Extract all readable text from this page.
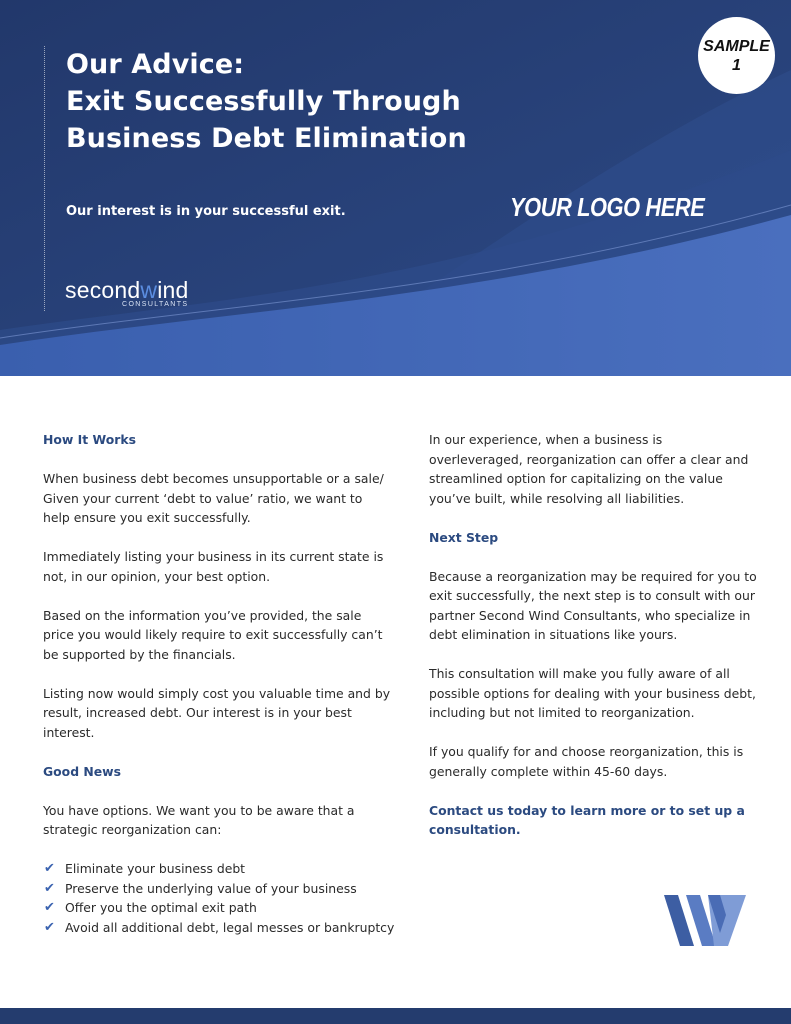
Our Advice:
Exit Successfully Through
Business Debt Elimination
Our interest is in your successful exit.	YOUR LOGO HERE
SAMPLE
1
secondwind
CONSULTANTS
How It Works

When business debt becomes unsupportable or a sale/ Given your current ‘debt to value’ ratio, we want to help ensure you exit successfully.

Immediately listing your business in its current state is not, in our opinion, your best option.

Based on the information you’ve provided, the sale price you would likely require to exit successfully can’t be supported by the financials.

Listing now would simply cost you valuable time and by result, increased debt. Our interest is in your best interest.

Good News

You have options. We want you to be aware that a strategic reorganization can:

✔ Eliminate your business debt
✔ Preserve the underlying value of your business
✔ Offer you the optimal exit path
✔ Avoid all additional debt, legal messes or bankruptcy

In our experience, when a business is overleveraged, reorganization can offer a clear and streamlined option for capitalizing on the value you’ve built, while resolving all liabilities.

Next Step

Because a reorganization may be required for you to exit successfully, the next step is to consult with our partner Second Wind Consultants, who specialize in debt elimination in situations like yours.

This consultation will make you fully aware of all possible options for dealing with your business debt, including but not limited to reorganization.

If you qualify for and choose reorganization, this is generally complete within 45-60 days.

Contact us today to learn more or to set up a consultation.
